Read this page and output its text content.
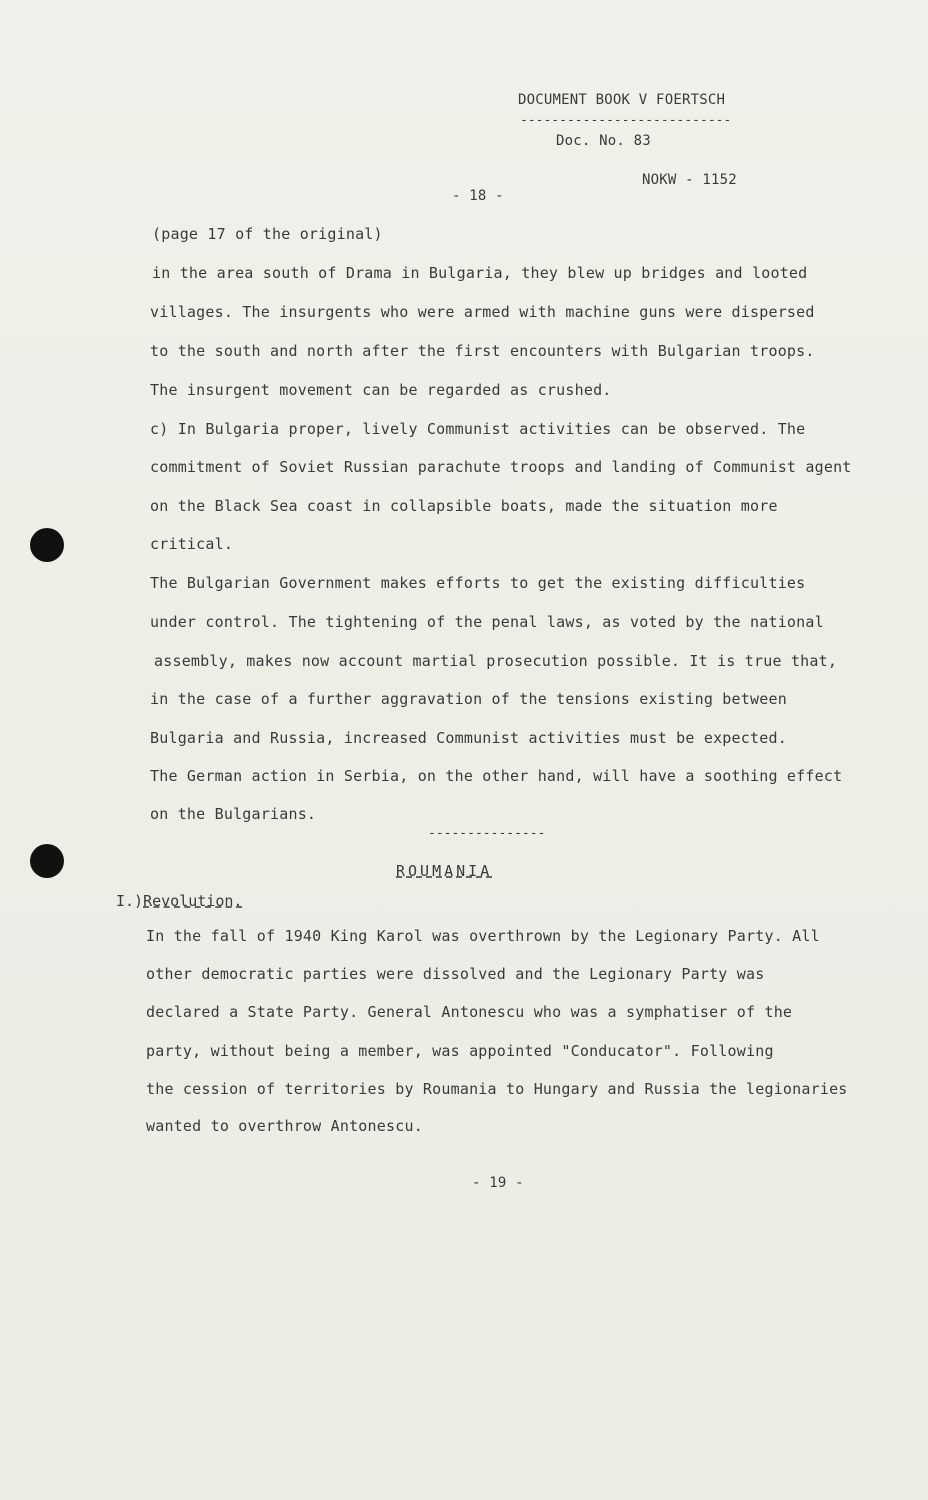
DOCUMENT BOOK V FOERTSCH
---------------------------
Doc. No. 83
NOKW - 1152
- 18 -
(page 17 of the original)
in the area south of Drama in Bulgaria, they blew up bridges and looted
villages. The insurgents who were armed with machine guns were dispersed
to the south and north after the first encounters with Bulgarian troops.
The insurgent movement can be regarded as crushed.
c) In Bulgaria proper, lively Communist activities can be observed. The
commitment of Soviet Russian parachute troops and landing of Communist agent
on the Black Sea coast in collapsible boats, made the situation more
critical.
The Bulgarian Government makes efforts to get the existing difficulties
under control. The tightening of the penal laws, as voted by the national
assembly, makes now account martial prosecution possible. It is true that,
in the case of a further aggravation of the tensions existing between
Bulgaria and Russia, increased Communist activities must be expected.
The German action in Serbia, on the other hand, will have a soothing effect
on the Bulgarians.
---------------
ROUMANIA
I.)Revolution.
In the fall of 1940 King Karol was overthrown by the Legionary Party. All
other democratic parties were dissolved and the Legionary Party was
declared a State Party. General Antonescu who was a symphatiser of the
party, without being a member, was appointed "Conducator". Following
the cession of territories by Roumania to Hungary and Russia the legionaries
wanted to overthrow Antonescu.
- 19 -
